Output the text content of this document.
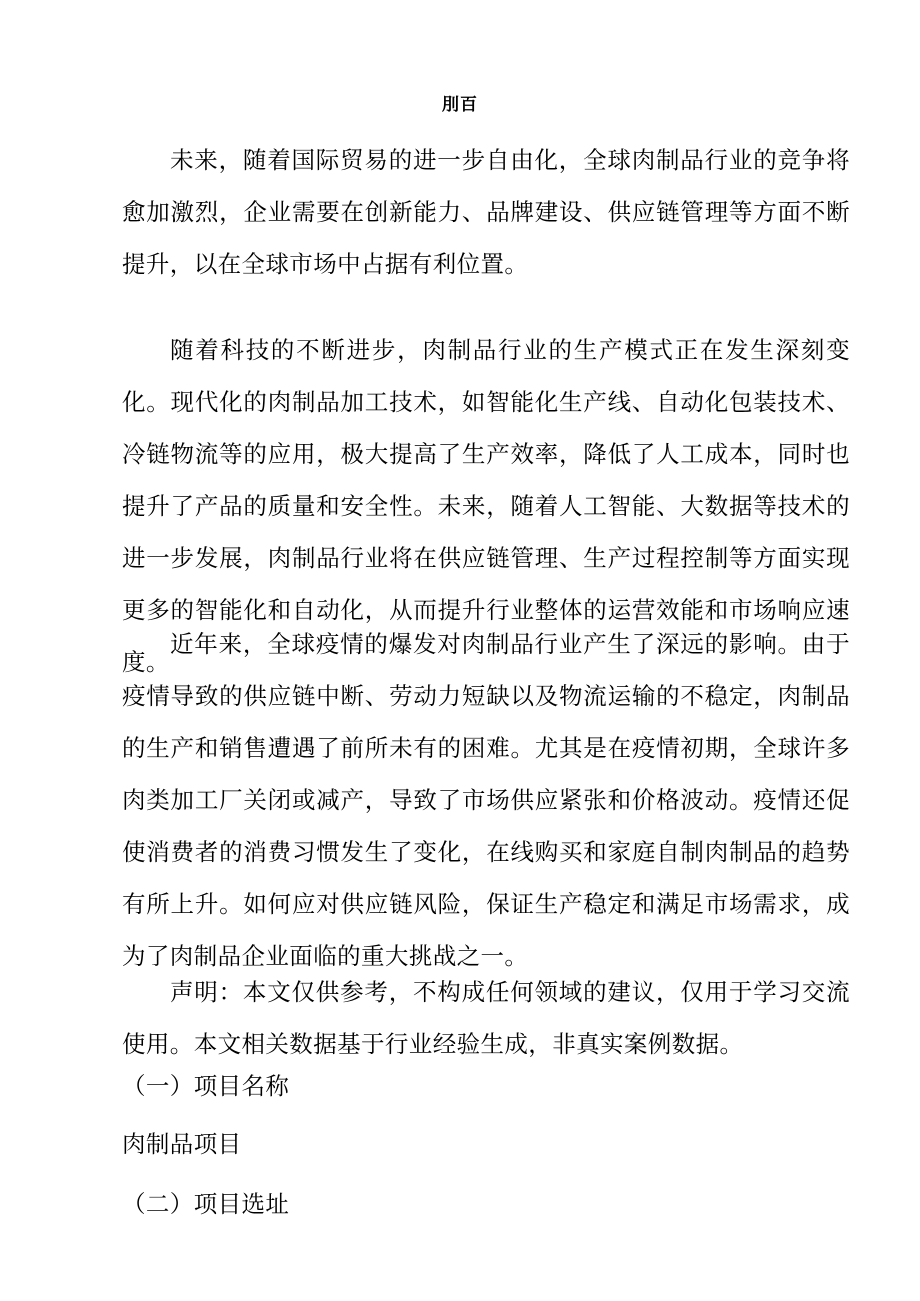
刖百

未来，随着国际贸易的进一步自由化，全球肉制品行业的竞争将愈加激烈，企业需要在创新能力、品牌建设、供应链管理等方面不断提升，以在全球市场中占据有利位置。

随着科技的不断进步，肉制品行业的生产模式正在发生深刻变化。现代化的肉制品加工技术，如智能化生产线、自动化包装技术、冷链物流等的应用，极大提高了生产效率，降低了人工成本，同时也提升了产品的质量和安全性。未来，随着人工智能、大数据等技术的进一步发展，肉制品行业将在供应链管理、生产过程控制等方面实现更多的智能化和自动化，从而提升行业整体的运营效能和市场响应速度。

近年来，全球疫情的爆发对肉制品行业产生了深远的影响。由于疫情导致的供应链中断、劳动力短缺以及物流运输的不稳定，肉制品的生产和销售遭遇了前所未有的困难。尤其是在疫情初期，全球许多肉类加工厂关闭或减产，导致了市场供应紧张和价格波动。疫情还促使消费者的消费习惯发生了变化，在线购买和家庭自制肉制品的趋势有所上升。如何应对供应链风险，保证生产稳定和满足市场需求，成为了肉制品企业面临的重大挑战之一。

声明：本文仅供参考，不构成任何领域的建议，仅用于学习交流使用。本文相关数据基于行业经验生成，非真实案例数据。

（一）项目名称
肉制品项目
（二）项目选址
